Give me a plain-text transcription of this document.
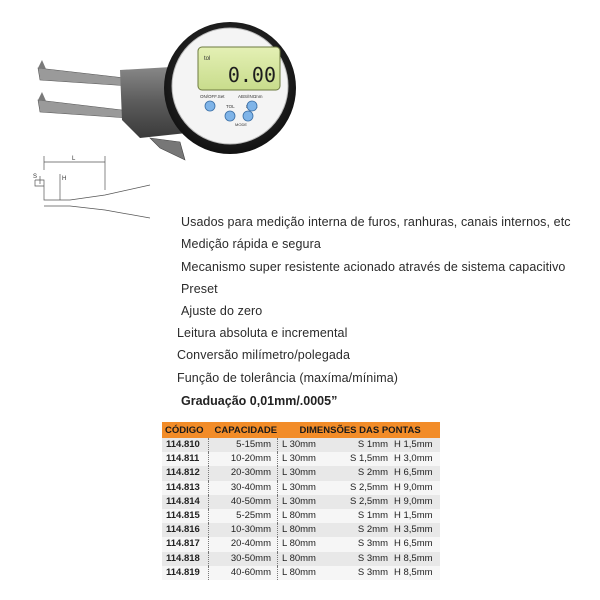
tol
0.00
ON/OFF.Set	ABS/INC
mm
TOL
MODE
L
S	H
Usados para medição interna de furos, ranhuras, canais internos, etc
Medição rápida e segura
Mecanismo super resistente acionado através de sistema capacitivo
Preset
Ajuste do zero
Leitura absoluta e incremental
Conversão milímetro/polegada
Função de tolerância (maxíma/mínima)
Graduação 0,01mm/.0005”
CÓDIGO	CAPACIDADE	DIMENSÕES DAS PONTAS		
114.810	5-15mm	L 30mm	S 1mm	H 1,5mm
114.811	10-20mm	L 30mm	S 1,5mm	H 3,0mm
114.812	20-30mm	L 30mm	S 2mm	H 6,5mm
114.813	30-40mm	L 30mm	S 2,5mm	H 9,0mm
114.814	40-50mm	L 30mm	S 2,5mm	H 9,0mm
114.815	5-25mm	L 80mm	S 1mm	H 1,5mm
114.816	10-30mm	L 80mm	S 2mm	H 3,5mm
114.817	20-40mm	L 80mm	S 3mm	H 6,5mm
114.818	30-50mm	L 80mm	S 3mm	H 8,5mm
114.819	40-60mm	L 80mm	S 3mm	H 8,5mm
